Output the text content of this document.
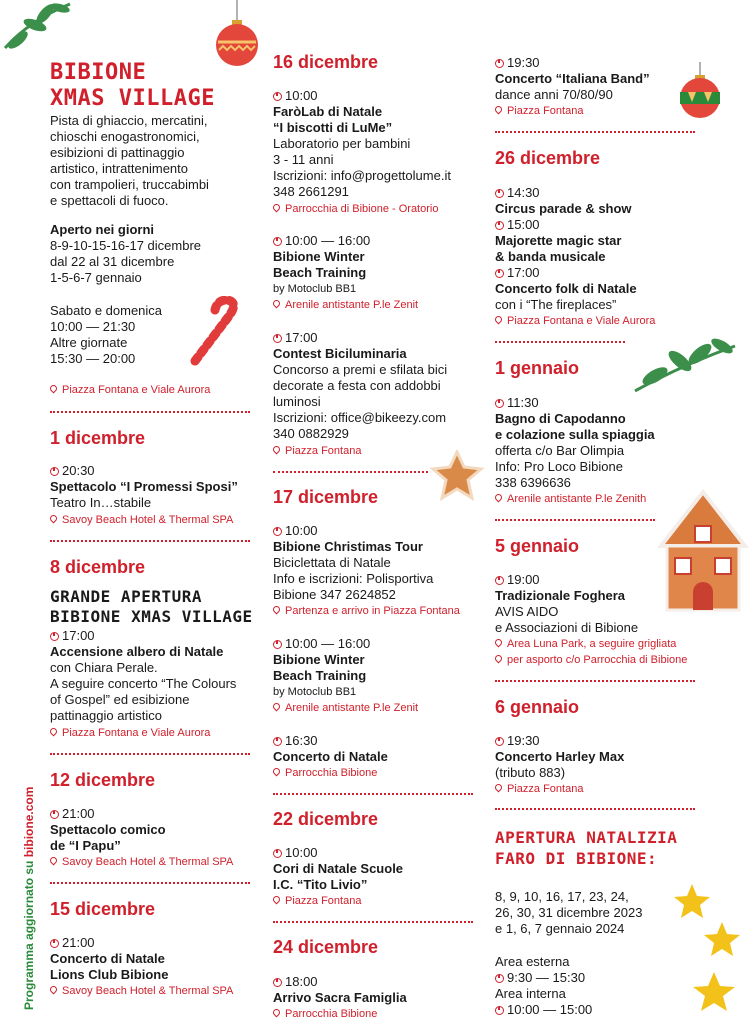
Programma aggiornato su bibione.com
BIBIONE
XMAS VILLAGE
Pista di ghiaccio, mercatini,
chioschi enogastronomici,
esibizioni di pattinaggio
artistico, intrattenimento
con trampolieri, truccabimbi
e spettacoli di fuoco.
Aperto nei giorni
8-9-10-15-16-17 dicembre
dal 22 al 31 dicembre
1-5-6-7 gennaio
Sabato e domenica
10:00 — 21:30
Altre giornate
15:30 — 20:00
Piazza Fontana e Viale Aurora
1 dicembre
20:30
Spettacolo “I Promessi Sposi”
Teatro In…stabile
Savoy Beach Hotel & Thermal SPA
8 dicembre
GRANDE APERTURA
BIBIONE XMAS VILLAGE
17:00
Accensione albero di Natale
con Chiara Perale.
A seguire concerto “The Colours
of Gospel” ed esibizione
pattinaggio artistico
Piazza Fontana e Viale Aurora
12 dicembre
21:00
Spettacolo comico
de “I Papu”
Savoy Beach Hotel & Thermal SPA
15 dicembre
21:00
Concerto di Natale
Lions Club Bibione
Savoy Beach Hotel & Thermal SPA
16 dicembre
10:00
FaròLab di Natale
“I biscotti di LuMe”
Laboratorio per bambini
3 - 11 anni
Iscrizioni: info@progettolume.it
348 2661291
Parrocchia di Bibione - Oratorio
10:00 — 16:00
Bibione Winter
Beach Training
by Motoclub BB1
Arenile antistante P.le Zenit
17:00
Contest Biciluminaria
Concorso a premi e sfilata bici
decorate a festa con addobbi
luminosi
Iscrizioni: office@bikeezy.com
340 0882929
Piazza Fontana
17 dicembre
10:00
Bibione Christimas Tour
Biciclettata di Natale
Info e iscrizioni: Polisportiva
Bibione 347 2624852
Partenza e arrivo in Piazza Fontana
10:00 — 16:00
Bibione Winter
Beach Training
by Motoclub BB1
Arenile antistante P.le Zenit
16:30
Concerto di Natale
Parrocchia Bibione
22 dicembre
10:00
Cori di Natale Scuole
I.C. “Tito Livio”
Piazza Fontana
24 dicembre
18:00
Arrivo Sacra Famiglia
Parrocchia Bibione
19:30
Concerto “Italiana Band”
dance anni 70/80/90
Piazza Fontana
26 dicembre
14:30
Circus parade & show
15:00
Majorette magic star
& banda musicale
17:00
Concerto folk di Natale
con i “The fireplaces”
Piazza Fontana e Viale Aurora
1 gennaio
11:30
Bagno di Capodanno
e colazione sulla spiaggia
offerta c/o Bar Olimpia
Info: Pro Loco Bibione
338 6396636
Arenile antistante P.le Zenith
5 gennaio
19:00
Tradizionale Foghera
AVIS AIDO
e Associazioni di Bibione
Area Luna Park, a seguire grigliata
per asporto c/o Parrocchia di Bibione
6 gennaio
19:30
Concerto Harley Max
(tributo 883)
Piazza Fontana
APERTURA NATALIZIA
FARO DI BIBIONE:
8, 9, 10, 16, 17, 23, 24,
26, 30, 31 dicembre 2023
e 1, 6, 7 gennaio 2024
Area esterna
9:30 — 15:30
Area interna
10:00 — 15:00
